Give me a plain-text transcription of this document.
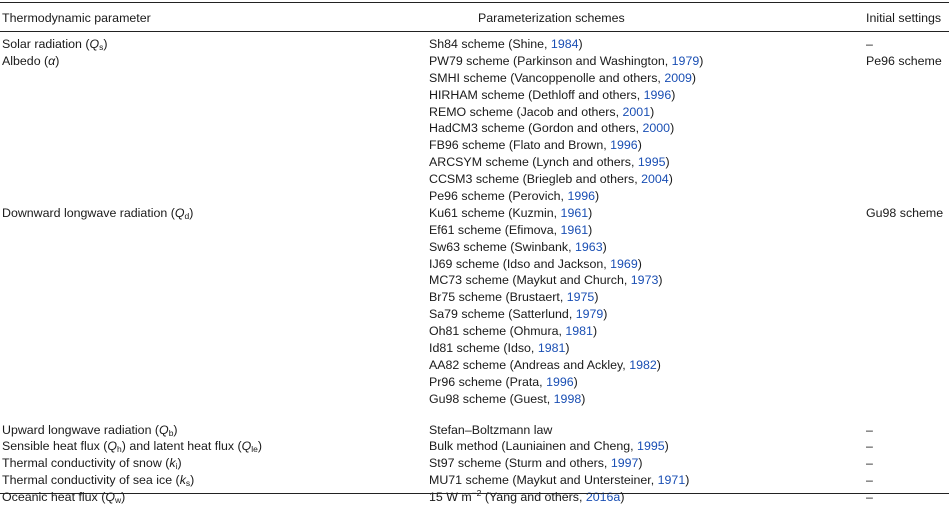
Thermodynamic parameter	Parameterization schemes	Initial settings
Solar radiation $(Q_s)$	Sh84 scheme (Shine, 1984)	–
Albedo (α)	PW79 scheme (Parkinson and Washington, 1979)	Pe96 scheme
SMHI scheme (Vancoppenolle and others, 2009)
HIRHAM scheme (Dethloff and others, 1996)
REMO scheme (Jacob and others, 2001)
HadCM3 scheme (Gordon and others, 2000)
FB96 scheme (Flato and Brown, 1996)
ARCSYM scheme (Lynch and others, 1995)
CCSM3 scheme (Briegleb and others, 2004)
Pe96 scheme (Perovich, 1996)
Downward longwave radiation $(Q_d)$	Ku61 scheme (Kuzmin, 1961)	Gu98 scheme
Ef61 scheme (Efimova, 1961)
Sw63 scheme (Swinbank, 1963)
IJ69 scheme (Idso and Jackson, 1969)
MC73 scheme (Maykut and Church, 1973)
Br75 scheme (Brustaert, 1975)
Sa79 scheme (Satterlund, 1979)
Oh81 scheme (Ohmura, 1981)
Id81 scheme (Idso, 1981)
AA82 scheme (Andreas and Ackley, 1982)
Pr96 scheme (Prata, 1996)
Gu98 scheme (Guest, 1998)
Upward longwave radiation $(Q_b)$	Stefan–Boltzmann law	–
Sensible heat flux $(Q_h)$ and latent heat flux $(Q_{le})$	Bulk method (Launiainen and Cheng, 1995)	–
Thermal conductivity of snow $(k_i)$	St97 scheme (Sturm and others, 1997)	–
Thermal conductivity of sea ice $(k_s)$	MU71 scheme (Maykut and Untersteiner, 1971)	–
Oceanic heat flux $(Q_w)$	15 W $m^{-2}$ (Yang and others, 2016a)	–
